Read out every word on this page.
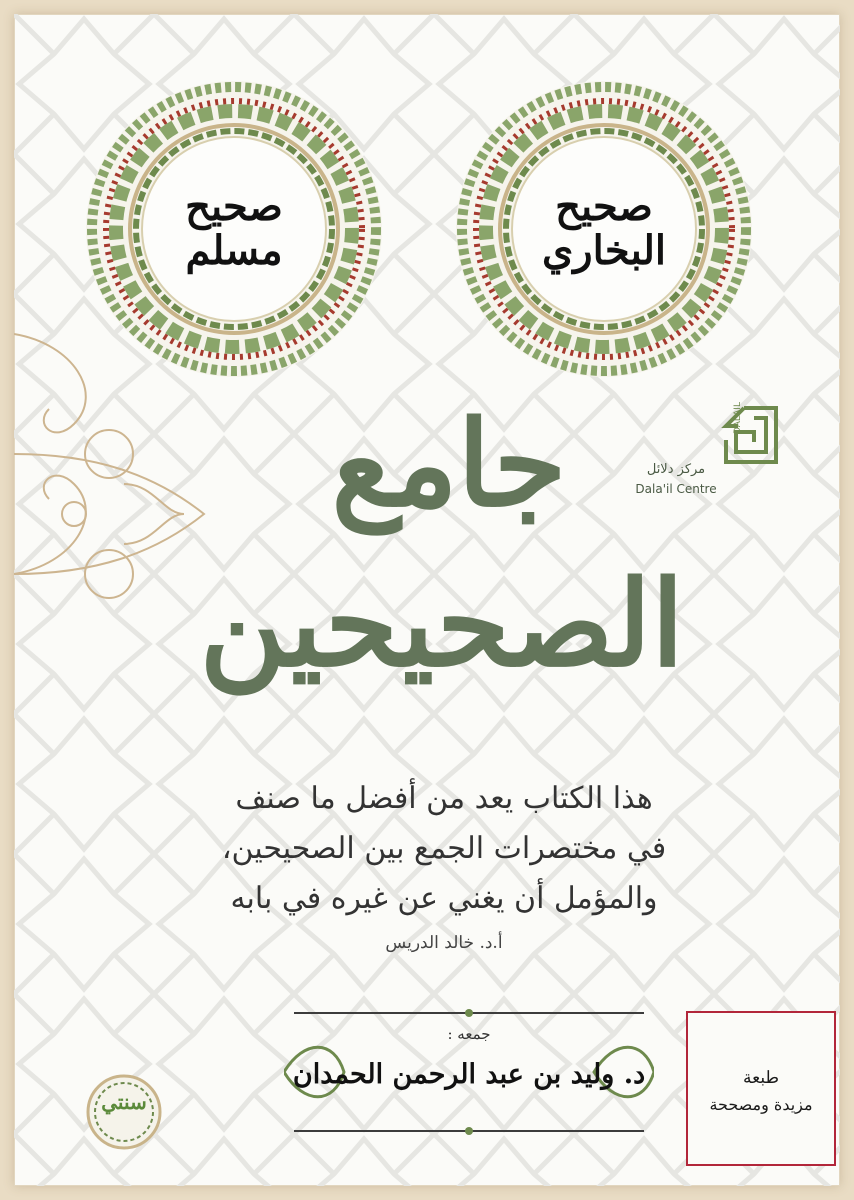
صحيح
البخاري
صحيح
مسلم
جامع
الصحيحين
DALAIL
مركز دلائل
Dala'il Centre
هذا الكتاب يعد من أفضل ما صنف
في مختصرات الجمع بين الصحيحين،
والمؤمل أن يغني عن غيره في بابه
أ.د. خالد الدريس
جمعه :
د. وليد بن عبد الرحمن الحمدان	طبعة
مزيدة ومصححة
سنتي
